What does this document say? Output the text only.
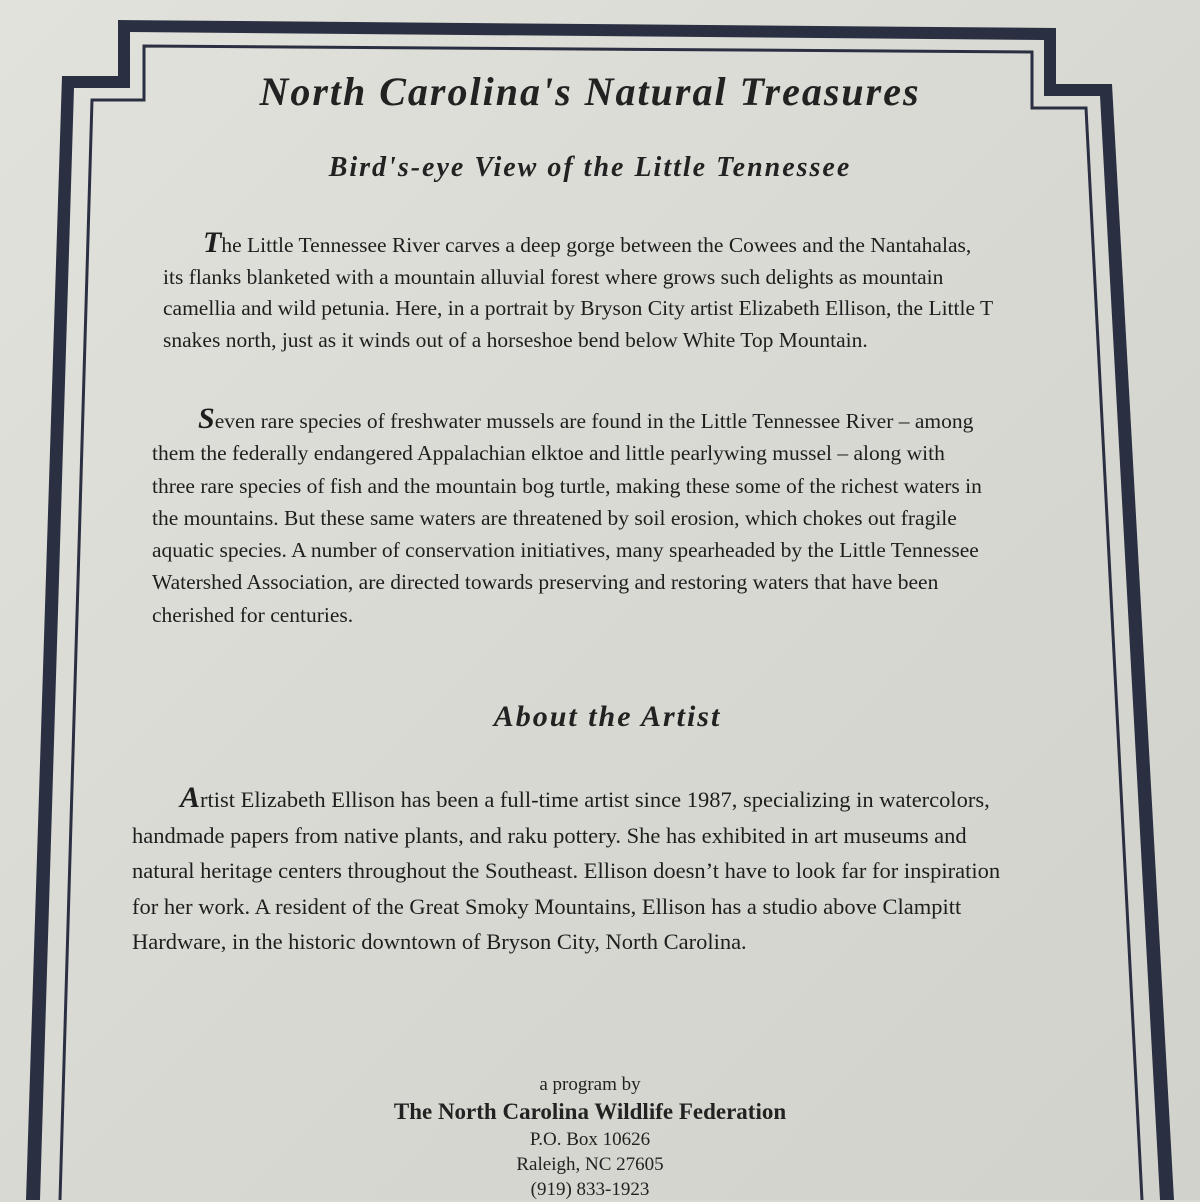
North Carolina's Natural Treasures
Bird's-eye View of the Little Tennessee
The Little Tennessee River carves a deep gorge between the Cowees and the Nantahalas, its flanks blanketed with a mountain alluvial forest where grows such delights as mountain camellia and wild petunia. Here, in a portrait by Bryson City artist Elizabeth Ellison, the Little T snakes north, just as it winds out of a horseshoe bend below White Top Mountain.
Seven rare species of freshwater mussels are found in the Little Tennessee River – among them the federally endangered Appalachian elktoe and little pearlywing mussel – along with three rare species of fish and the mountain bog turtle, making these some of the richest waters in the mountains. But these same waters are threatened by soil erosion, which chokes out fragile aquatic species. A number of conservation initiatives, many spearheaded by the Little Tennessee Watershed Association, are directed towards preserving and restoring waters that have been cherished for centuries.
About the Artist
Artist Elizabeth Ellison has been a full-time artist since 1987, specializing in watercolors, handmade papers from native plants, and raku pottery. She has exhibited in art museums and natural heritage centers throughout the Southeast. Ellison doesn’t have to look far for inspiration for her work. A resident of the Great Smoky Mountains, Ellison has a studio above Clampitt Hardware, in the historic downtown of Bryson City, North Carolina.
a program by
The North Carolina Wildlife Federation
P.O. Box 10626
Raleigh, NC 27605
(919) 833-1923
